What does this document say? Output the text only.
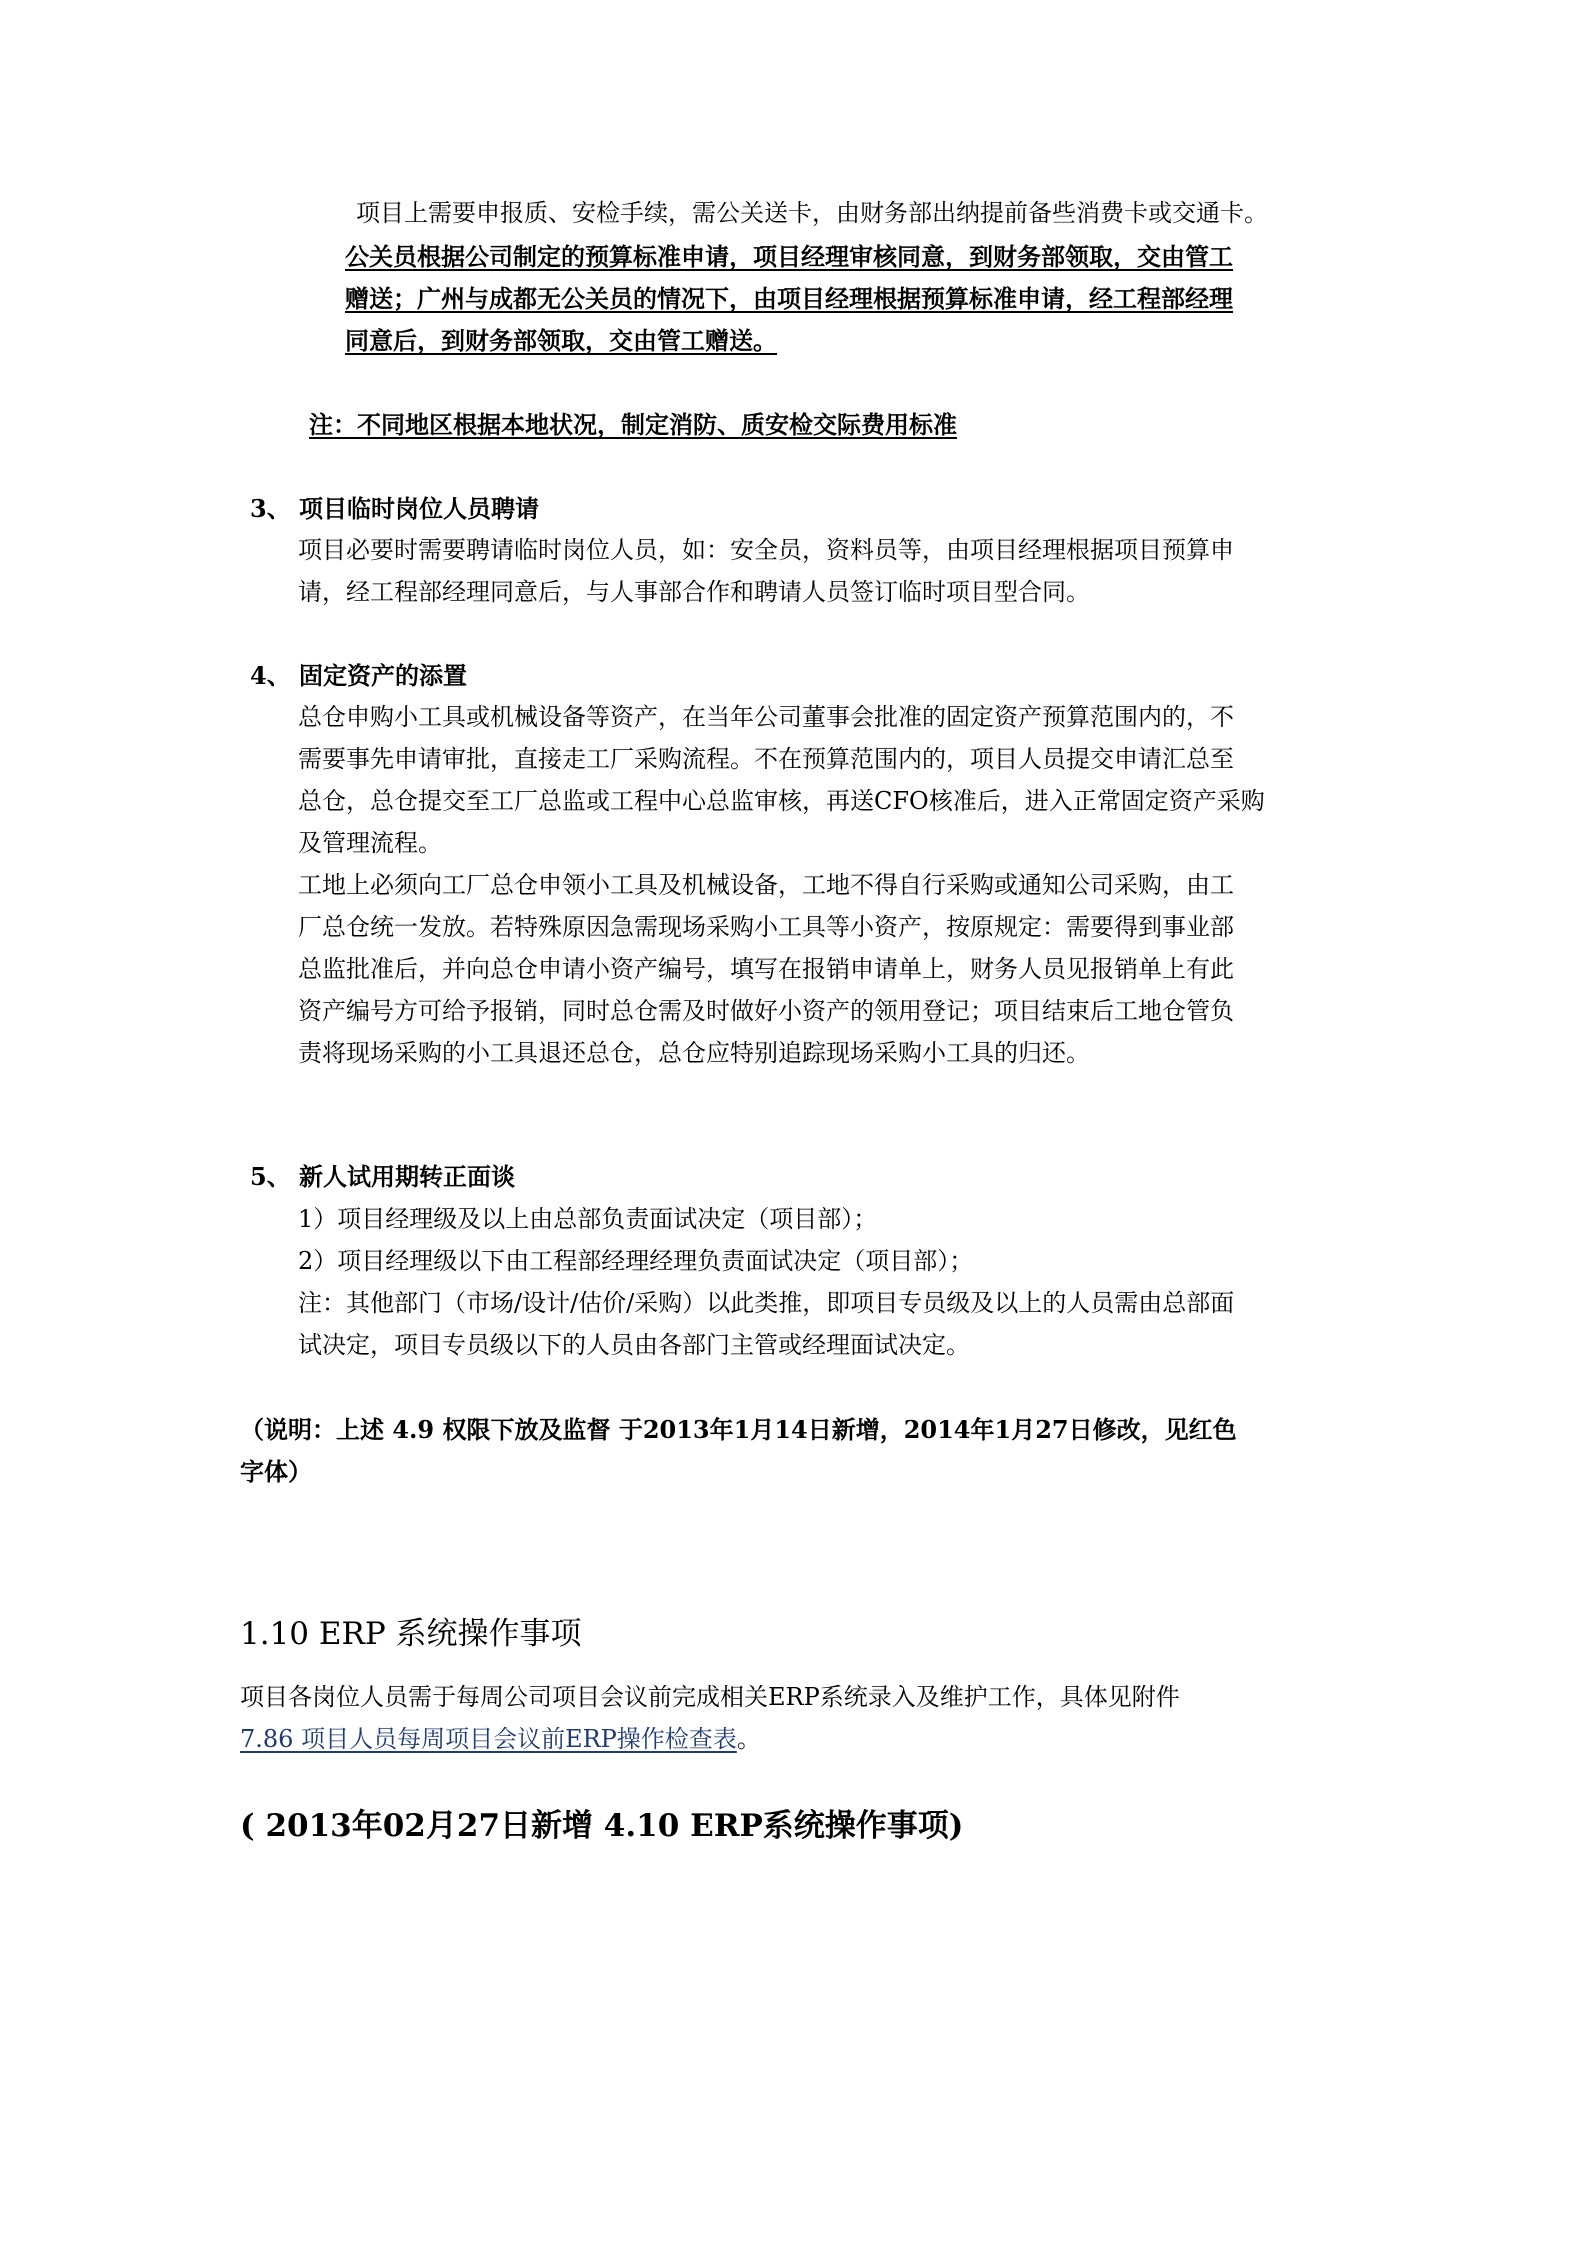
项目上需要申报质、安检手续，需公关送卡，由财务部出纳提前备些消费卡或交通卡。
公关员根据公司制定的预算标准申请，项目经理审核同意，到财务部领取，交由管工
赠送；广州与成都无公关员的情况下，由项目经理根据预算标准申请，经工程部经理
同意后，到财务部领取，交由管工赠送。
注：不同地区根据本地状况，制定消防、质安检交际费用标准
3、 项目临时岗位人员聘请
项目必要时需要聘请临时岗位人员，如：安全员，资料员等，由项目经理根据项目预算申
请，经工程部经理同意后，与人事部合作和聘请人员签订临时项目型合同。
4、 固定资产的添置
总仓申购小工具或机械设备等资产，在当年公司董事会批准的固定资产预算范围内的，不
需要事先申请审批，直接走工厂采购流程。不在预算范围内的，项目人员提交申请汇总至
总仓，总仓提交至工厂总监或工程中心总监审核，再送CFO核准后，进入正常固定资产采购
及管理流程。
工地上必须向工厂总仓申领小工具及机械设备，工地不得自行采购或通知公司采购，由工
厂总仓统一发放。若特殊原因急需现场采购小工具等小资产，按原规定：需要得到事业部
总监批准后，并向总仓申请小资产编号，填写在报销申请单上，财务人员见报销单上有此
资产编号方可给予报销，同时总仓需及时做好小资产的领用登记；项目结束后工地仓管负
责将现场采购的小工具退还总仓，总仓应特别追踪现场采购小工具的归还。
5、 新人试用期转正面谈
1）项目经理级及以上由总部负责面试决定（项目部）；
2）项目经理级以下由工程部经理经理负责面试决定（项目部）；
注：其他部门（市场/设计/估价/采购）以此类推，即项目专员级及以上的人员需由总部面
试决定，项目专员级以下的人员由各部门主管或经理面试决定。
（说明：上述 4.9 权限下放及监督 于2013年1月14日新增，2014年1月27日修改，见红色
字体）
1.10 ERP 系统操作事项
项目各岗位人员需于每周公司项目会议前完成相关ERP系统录入及维护工作，具体见附件
7.86 项目人员每周项目会议前ERP操作检查表。
( 2013年02月27日新增 4.10 ERP系统操作事项)
